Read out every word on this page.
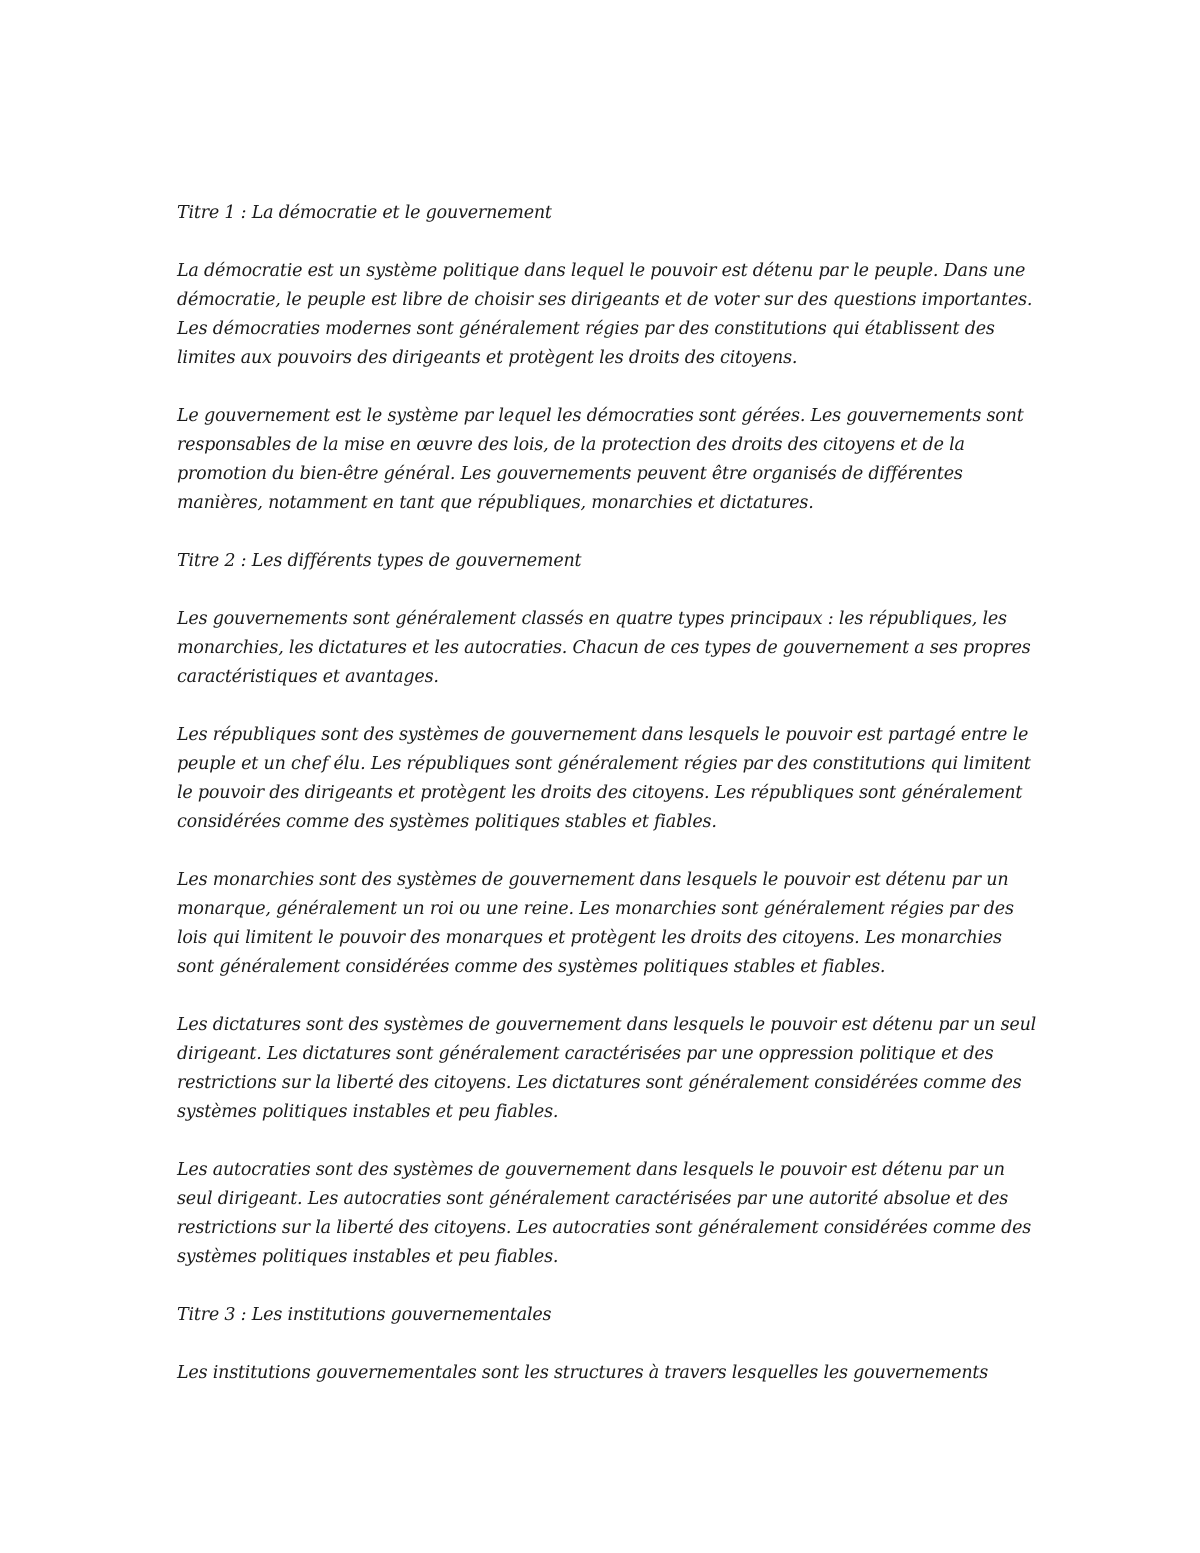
Titre 1 : La démocratie et le gouvernement

La démocratie est un système politique dans lequel le pouvoir est détenu par le peuple. Dans une démocratie, le peuple est libre de choisir ses dirigeants et de voter sur des questions importantes. Les démocraties modernes sont généralement régies par des constitutions qui établissent des limites aux pouvoirs des dirigeants et protègent les droits des citoyens.

Le gouvernement est le système par lequel les démocraties sont gérées. Les gouvernements sont responsables de la mise en œuvre des lois, de la protection des droits des citoyens et de la promotion du bien-être général. Les gouvernements peuvent être organisés de différentes manières, notamment en tant que républiques, monarchies et dictatures.

Titre 2 : Les différents types de gouvernement

Les gouvernements sont généralement classés en quatre types principaux : les républiques, les monarchies, les dictatures et les autocraties. Chacun de ces types de gouvernement a ses propres caractéristiques et avantages.

Les républiques sont des systèmes de gouvernement dans lesquels le pouvoir est partagé entre le peuple et un chef élu. Les républiques sont généralement régies par des constitutions qui limitent le pouvoir des dirigeants et protègent les droits des citoyens. Les républiques sont généralement considérées comme des systèmes politiques stables et fiables.

Les monarchies sont des systèmes de gouvernement dans lesquels le pouvoir est détenu par un monarque, généralement un roi ou une reine. Les monarchies sont généralement régies par des lois qui limitent le pouvoir des monarques et protègent les droits des citoyens. Les monarchies sont généralement considérées comme des systèmes politiques stables et fiables.

Les dictatures sont des systèmes de gouvernement dans lesquels le pouvoir est détenu par un seul dirigeant. Les dictatures sont généralement caractérisées par une oppression politique et des restrictions sur la liberté des citoyens. Les dictatures sont généralement considérées comme des systèmes politiques instables et peu fiables.

Les autocraties sont des systèmes de gouvernement dans lesquels le pouvoir est détenu par un seul dirigeant. Les autocraties sont généralement caractérisées par une autorité absolue et des restrictions sur la liberté des citoyens. Les autocraties sont généralement considérées comme des systèmes politiques instables et peu fiables.

Titre 3 : Les institutions gouvernementales

Les institutions gouvernementales sont les structures à travers lesquelles les gouvernements
